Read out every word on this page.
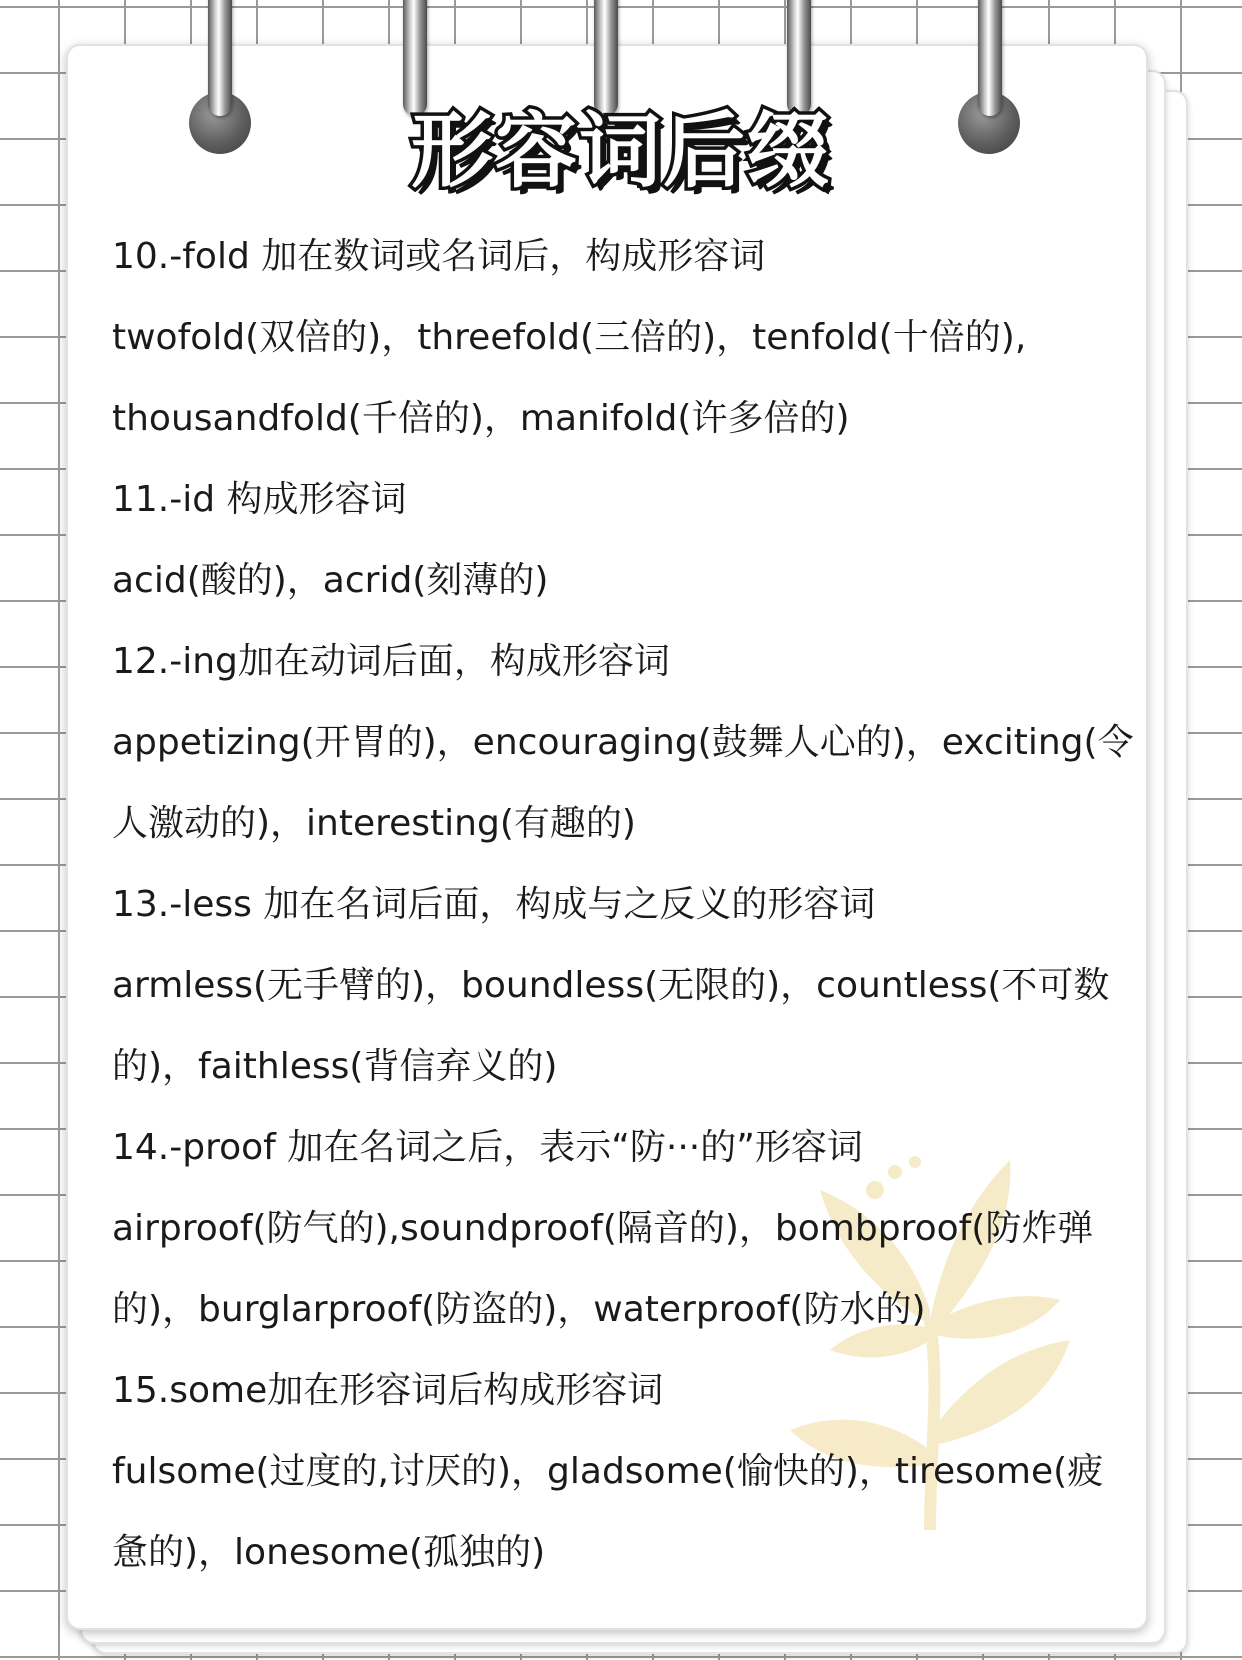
形容词后缀

10.-fold 加在数词或名词后，构成形容词

twofold(双倍的)，threefold(三倍的)，tenfold(十倍的),

thousandfold(千倍的)，manifold(许多倍的)

11.-id 构成形容词

acid(酸的)，acrid(刻薄的)

12.-ing加在动词后面，构成形容词

appetizing(开胃的)，encouraging(鼓舞人心的)，exciting(令

人激动的)，interesting(有趣的)

13.-less 加在名词后面，构成与之反义的形容词

armless(无手臂的)，boundless(无限的)，countless(不可数

的)，faithless(背信弃义的)

14.-proof 加在名词之后，表示“防···的”形容词

airproof(防气的),soundproof(隔音的)，bombproof(防炸弹

的)，burglarproof(防盗的)，waterproof(防水的)

15.some加在形容词后构成形容词

fulsome(过度的,讨厌的)，gladsome(愉快的)，tiresome(疲

惫的)，lonesome(孤独的)
